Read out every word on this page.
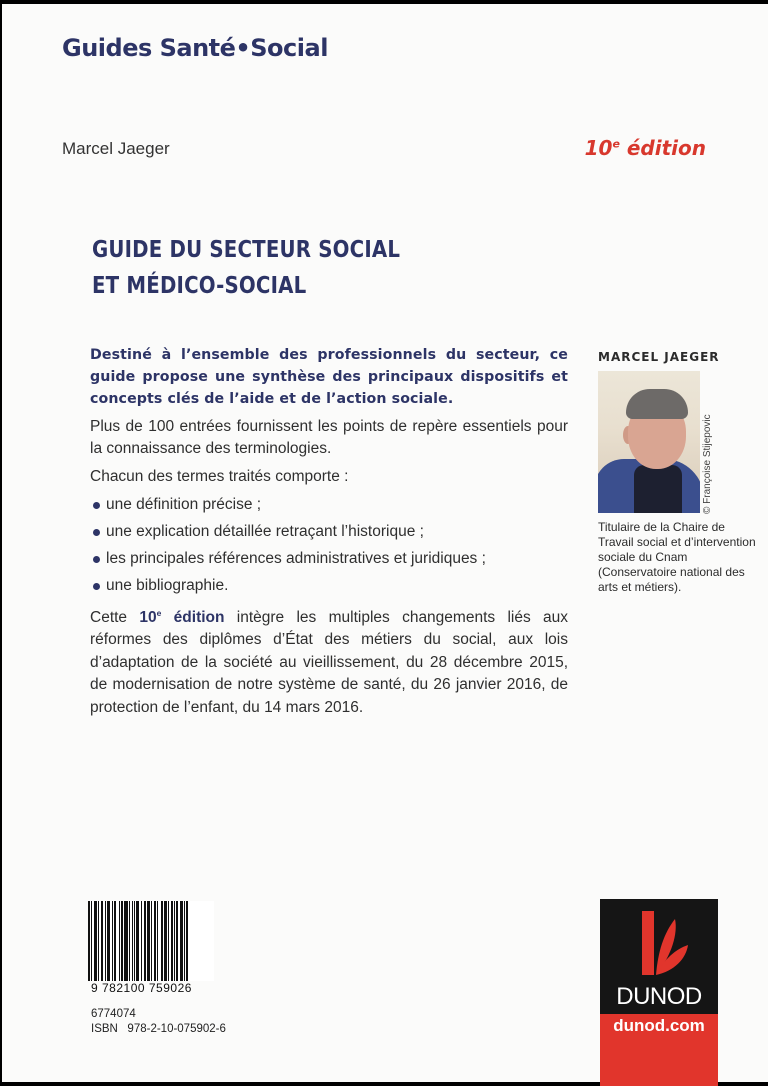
Guides Santé•Social
Marcel Jaeger	10e édition
GUIDE DU SECTEUR SOCIAL
ET MÉDICO-SOCIAL

Destiné à l’ensemble des professionnels du secteur, ce guide propose une synthèse des principaux dispositifs et concepts clés de l’aide et de l’action sociale.

Plus de 100 entrées fournissent les points de repère essentiels pour la connaissance des terminologies.

Chacun des termes traités comporte :

une définition précise ;
une explication détaillée retraçant l’historique ;
les principales références administratives et juridiques ;
une bibliographie.

Cette 10e édition intègre les multiples changements liés aux réformes des diplômes d’État des métiers du social, aux lois d’adaptation de la société au vieillissement, du 28 décembre 2015, de modernisation de notre système de santé, du 26 janvier 2016, de protection de l’enfant, du 14 mars 2016.

MARCEL JAEGER
© Françoise Stijepovic
Titulaire de la Chaire de Travail social et d’intervention sociale du Cnam (Conservatoire national des arts et métiers).
9 782100 759026
6774074
ISBN   978-2-10-075902-6
DUNOD
dunod.com
